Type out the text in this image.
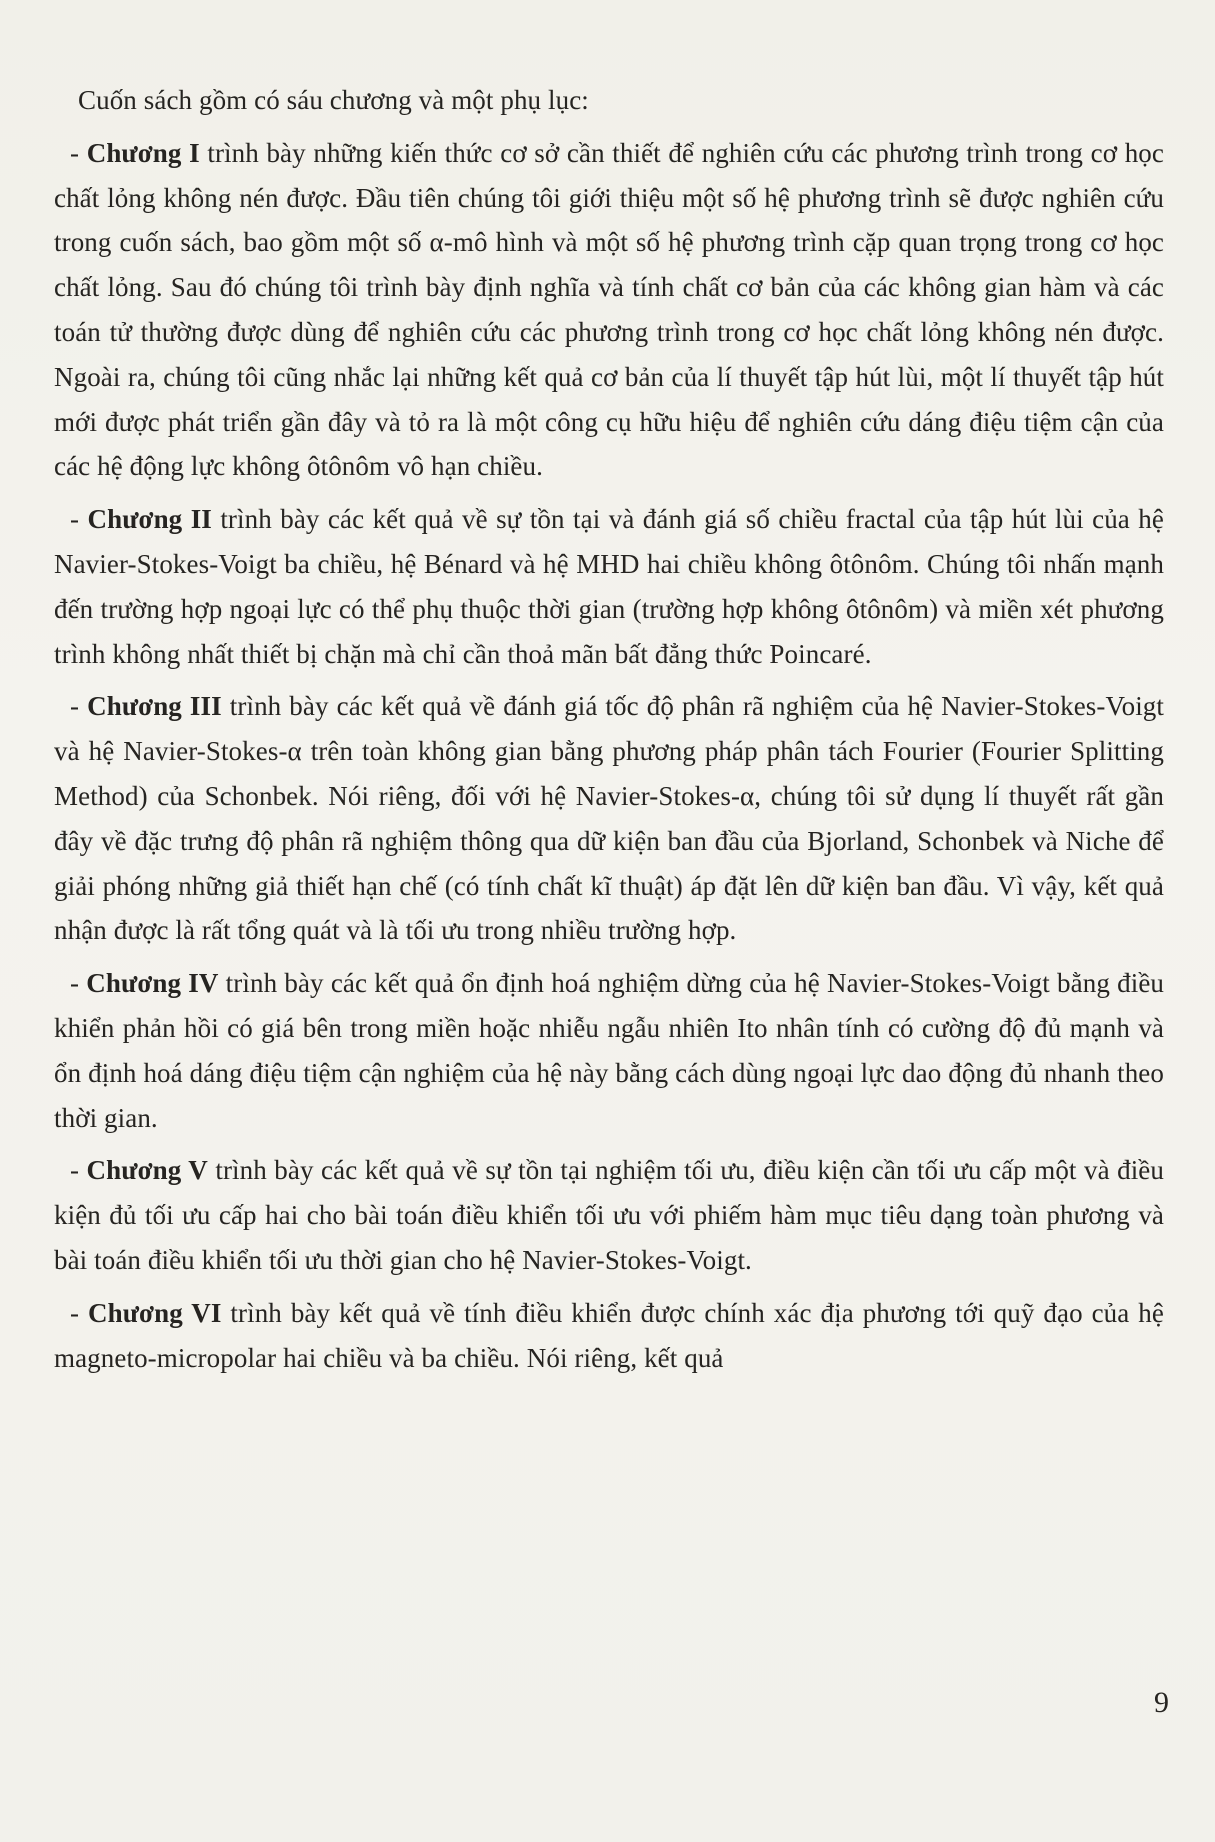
Cuốn sách gồm có sáu chương và một phụ lục:

- Chương I trình bày những kiến thức cơ sở cần thiết để nghiên cứu các phương trình trong cơ học chất lỏng không nén được. Đầu tiên chúng tôi giới thiệu một số hệ phương trình sẽ được nghiên cứu trong cuốn sách, bao gồm một số α-mô hình và một số hệ phương trình cặp quan trọng trong cơ học chất lỏng. Sau đó chúng tôi trình bày định nghĩa và tính chất cơ bản của các không gian hàm và các toán tử thường được dùng để nghiên cứu các phương trình trong cơ học chất lỏng không nén được. Ngoài ra, chúng tôi cũng nhắc lại những kết quả cơ bản của lí thuyết tập hút lùi, một lí thuyết tập hút mới được phát triển gần đây và tỏ ra là một công cụ hữu hiệu để nghiên cứu dáng điệu tiệm cận của các hệ động lực không ôtônôm vô hạn chiều.

- Chương II trình bày các kết quả về sự tồn tại và đánh giá số chiều fractal của tập hút lùi của hệ Navier-Stokes-Voigt ba chiều, hệ Bénard và hệ MHD hai chiều không ôtônôm. Chúng tôi nhấn mạnh đến trường hợp ngoại lực có thể phụ thuộc thời gian (trường hợp không ôtônôm) và miền xét phương trình không nhất thiết bị chặn mà chỉ cần thoả mãn bất đẳng thức Poincaré.

- Chương III trình bày các kết quả về đánh giá tốc độ phân rã nghiệm của hệ Navier-Stokes-Voigt và hệ Navier-Stokes-α trên toàn không gian bằng phương pháp phân tách Fourier (Fourier Splitting Method) của Schonbek. Nói riêng, đối với hệ Navier-Stokes-α, chúng tôi sử dụng lí thuyết rất gần đây về đặc trưng độ phân rã nghiệm thông qua dữ kiện ban đầu của Bjorland, Schonbek và Niche để giải phóng những giả thiết hạn chế (có tính chất kĩ thuật) áp đặt lên dữ kiện ban đầu. Vì vậy, kết quả nhận được là rất tổng quát và là tối ưu trong nhiều trường hợp.

- Chương IV trình bày các kết quả ổn định hoá nghiệm dừng của hệ Navier-Stokes-Voigt bằng điều khiển phản hồi có giá bên trong miền hoặc nhiễu ngẫu nhiên Ito nhân tính có cường độ đủ mạnh và ổn định hoá dáng điệu tiệm cận nghiệm của hệ này bằng cách dùng ngoại lực dao động đủ nhanh theo thời gian.

- Chương V trình bày các kết quả về sự tồn tại nghiệm tối ưu, điều kiện cần tối ưu cấp một và điều kiện đủ tối ưu cấp hai cho bài toán điều khiển tối ưu với phiếm hàm mục tiêu dạng toàn phương và bài toán điều khiển tối ưu thời gian cho hệ Navier-Stokes-Voigt.

- Chương VI trình bày kết quả về tính điều khiển được chính xác địa phương tới quỹ đạo của hệ magneto-micropolar hai chiều và ba chiều. Nói riêng, kết quả

9
